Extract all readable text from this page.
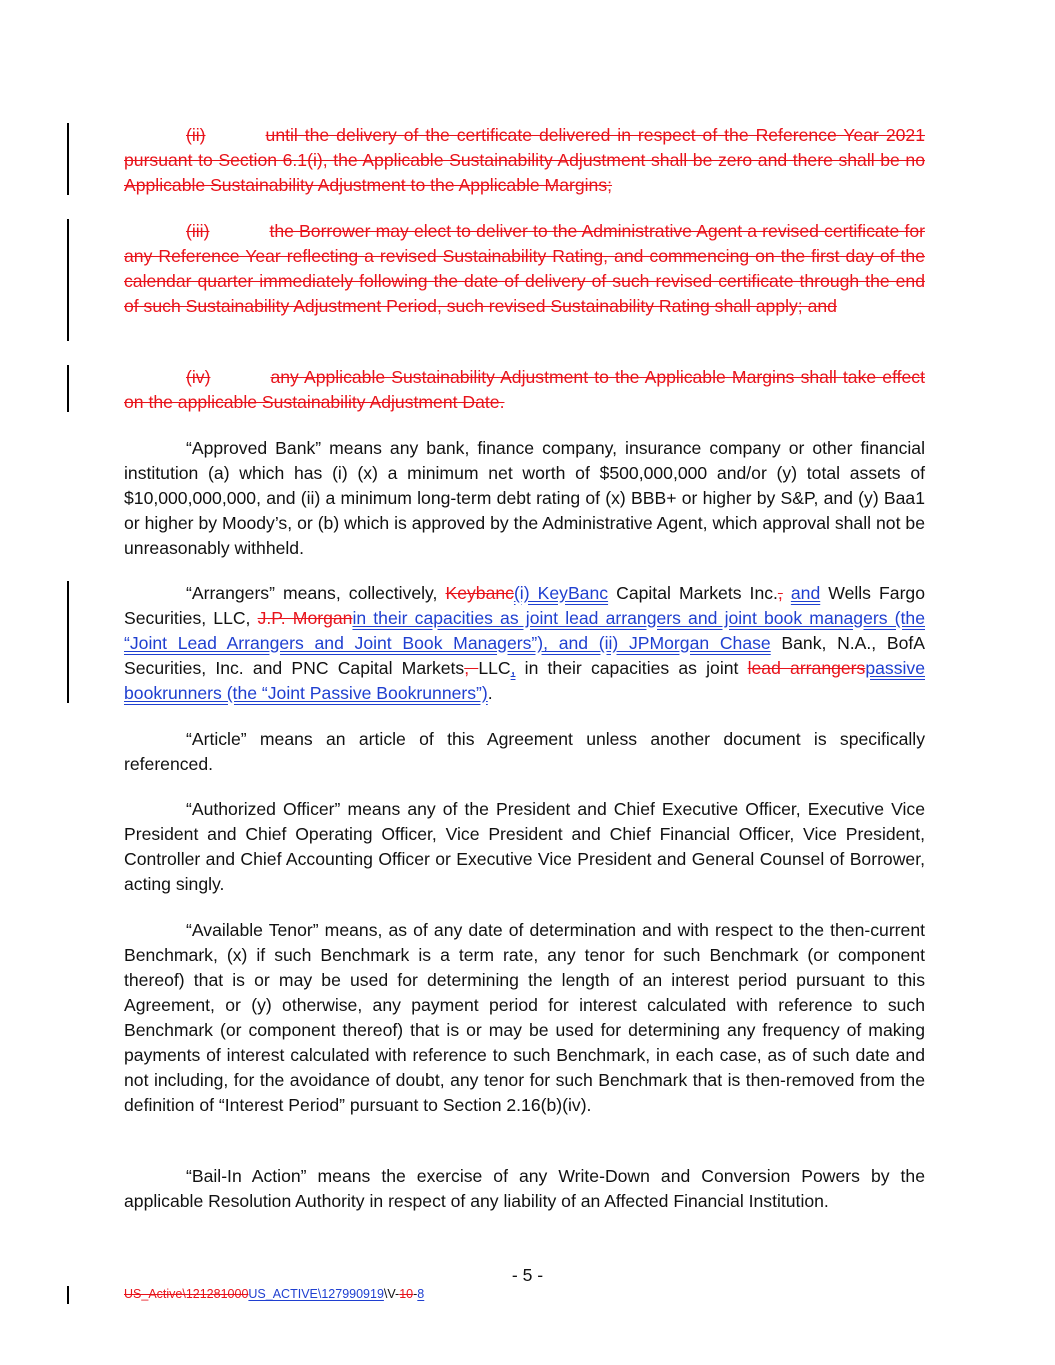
(ii)	until the delivery of the certificate delivered in respect of the Reference Year 2021 pursuant to Section 6.1(i), the Applicable Sustainability Adjustment shall be zero and there shall be no Applicable Sustainability Adjustment to the Applicable Margins;

(iii)	the Borrower may elect to deliver to the Administrative Agent a revised certificate for any Reference Year reflecting a revised Sustainability Rating, and commencing on the first day of the calendar quarter immediately following the date of delivery of such revised certificate through the end of such Sustainability Adjustment Period, such revised Sustainability Rating shall apply; and

(iv)	any Applicable Sustainability Adjustment to the Applicable Margins shall take effect on the applicable Sustainability Adjustment Date.

“Approved Bank” means any bank, finance company, insurance company or other financial institution (a) which has (i) (x) a minimum net worth of $500,000,000 and/or (y) total assets of $10,000,000,000, and (ii) a minimum long-term debt rating of (x) BBB+ or higher by S&P, and (y) Baa1 or higher by Moody’s, or (b) which is approved by the Administrative Agent, which approval shall not be unreasonably withheld.

“Arrangers” means, collectively, Keybanc(i) KeyBanc Capital Markets Inc., and Wells Fargo Securities, LLC, J.P. Morganin their capacities as joint lead arrangers and joint book managers (the “Joint Lead Arrangers and Joint Book Managers”), and (ii) JPMorgan Chase Bank, N.A., BofA Securities, Inc. and PNC Capital Markets, LLC, in their capacities as joint lead arrangerspassive bookrunners (the “Joint Passive Bookrunners”).

“Article” means an article of this Agreement unless another document is specifically referenced.

“Authorized Officer” means any of the President and Chief Executive Officer, Executive Vice President and Chief Operating Officer, Vice President and Chief Financial Officer, Vice President, Controller and Chief Accounting Officer or Executive Vice President and General Counsel of Borrower, acting singly.

“Available Tenor” means, as of any date of determination and with respect to the then-current Benchmark, (x) if such Benchmark is a term rate, any tenor for such Benchmark (or component thereof) that is or may be used for determining the length of an interest period pursuant to this Agreement, or (y) otherwise, any payment period for interest calculated with reference to such Benchmark (or component thereof) that is or may be used for determining any frequency of making payments of interest calculated with reference to such Benchmark, in each case, as of such date and not including, for the avoidance of doubt, any tenor for such Benchmark that is then-removed from the definition of “Interest Period” pursuant to Section 2.16(b)(iv).

“Bail-In Action” means the exercise of any Write-Down and Conversion Powers by the applicable Resolution Authority in respect of any liability of an Affected Financial Institution.

- 5 -
US_Active\121281000US_ACTIVE\127990919\V-10-8
